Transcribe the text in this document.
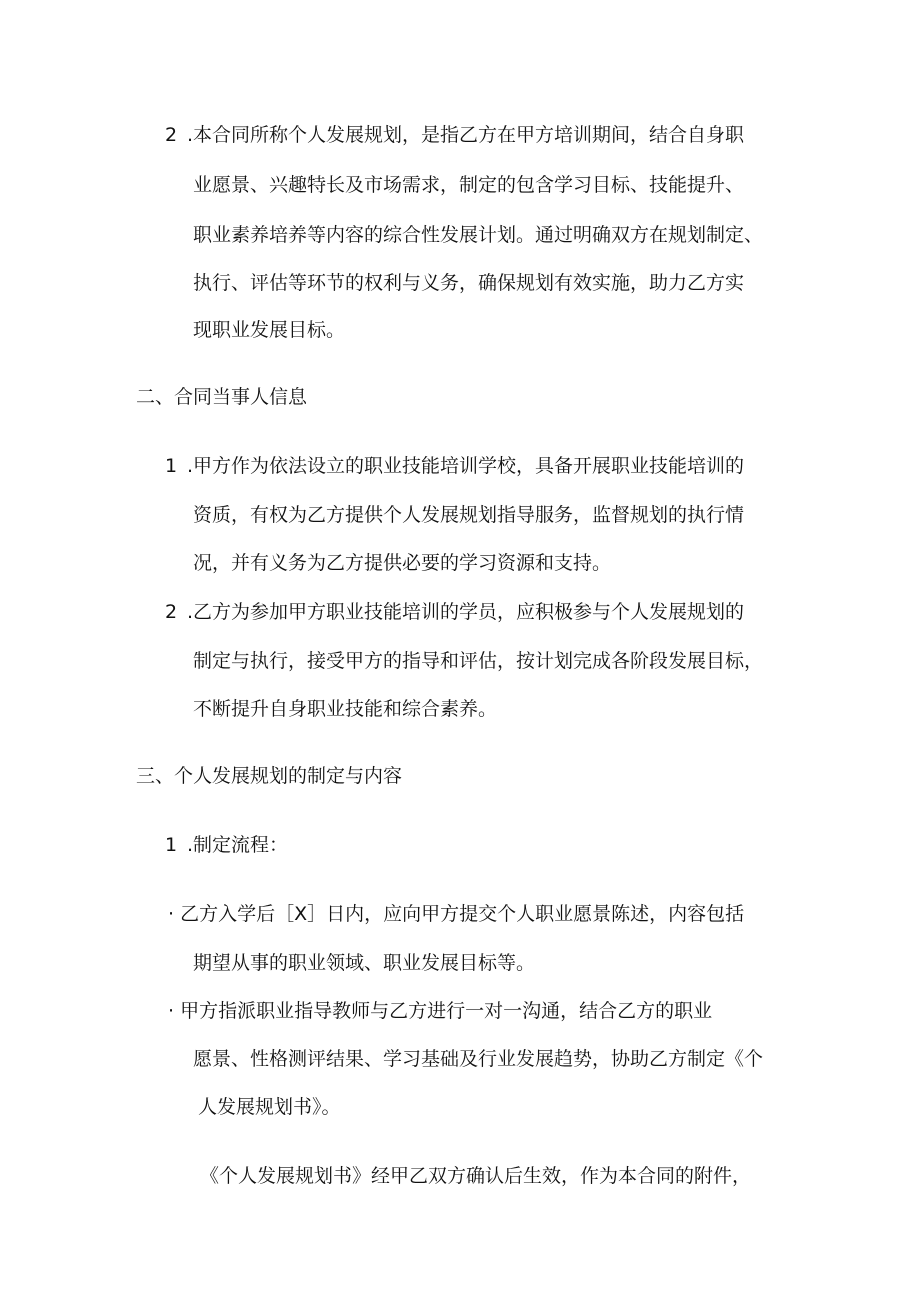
2 .本合同所称个人发展规划，是指乙方在甲方培训期间，结合自身职
业愿景、兴趣特长及市场需求，制定的包含学习目标、技能提升、
职业素养培养等内容的综合性发展计划。通过明确双方在规划制定、
执行、评估等环节的权利与义务，确保规划有效实施，助力乙方实
现职业发展目标。
二、合同当事人信息
1 .甲方作为依法设立的职业技能培训学校，具备开展职业技能培训的
资质，有权为乙方提供个人发展规划指导服务，监督规划的执行情
况，并有义务为乙方提供必要的学习资源和支持。
2 .乙方为参加甲方职业技能培训的学员，应积极参与个人发展规划的
制定与执行，接受甲方的指导和评估，按计划完成各阶段发展目标，
不断提升自身职业技能和综合素养。
三、个人发展规划的制定与内容
1 .制定流程：
· 乙方入学后［X］日内，应向甲方提交个人职业愿景陈述，内容包括
期望从事的职业领域、职业发展目标等。
· 甲方指派职业指导教师与乙方进行一对一沟通，结合乙方的职业
愿景、性格测评结果、学习基础及行业发展趋势，协助乙方制定《个
人发展规划书》。
《个人发展规划书》经甲乙双方确认后生效，作为本合同的附件，
